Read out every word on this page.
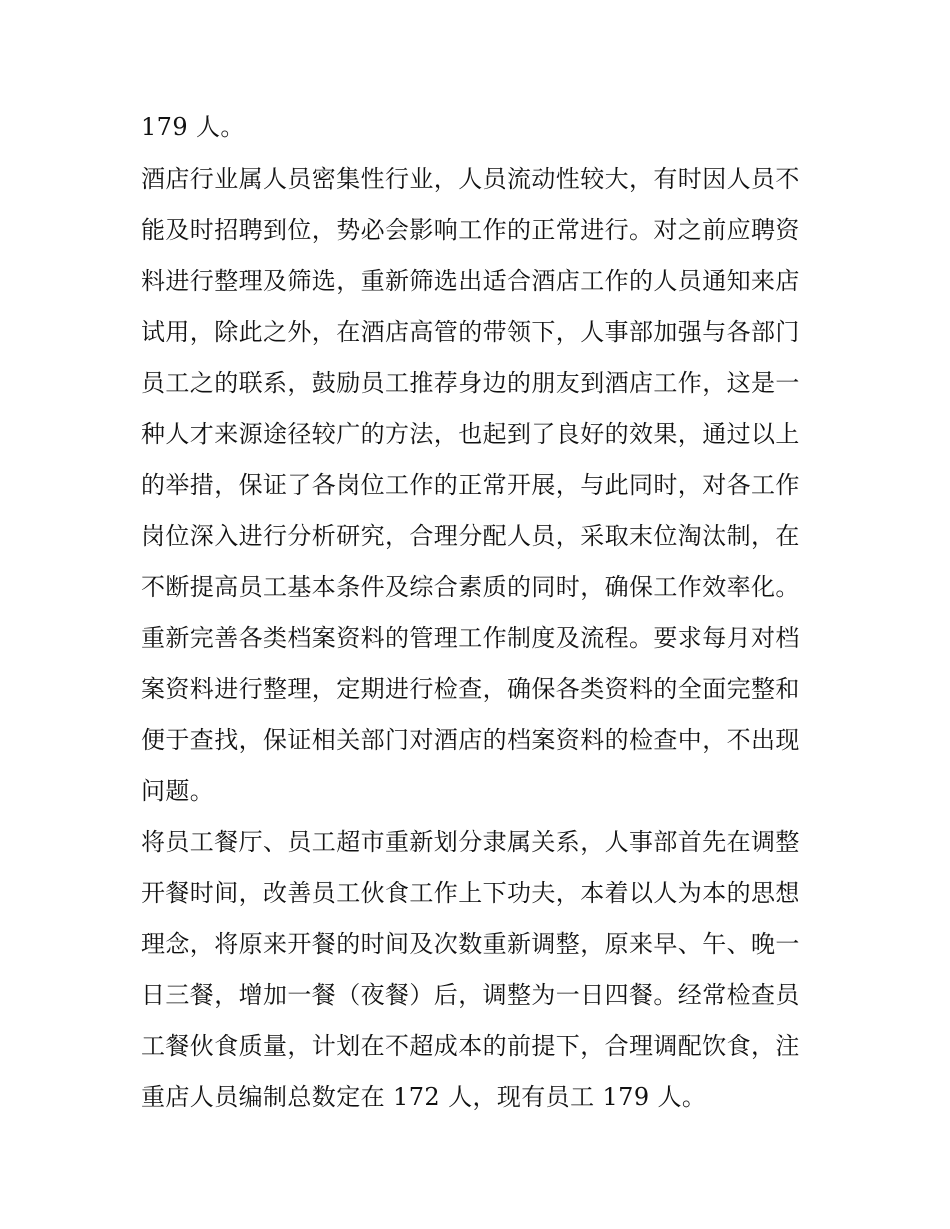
179 人。

酒店行业属人员密集性行业，人员流动性较大，有时因人员不

能及时招聘到位，势必会影响工作的正常进行。对之前应聘资

料进行整理及筛选，重新筛选出适合酒店工作的人员通知来店

试用，除此之外，在酒店高管的带领下，人事部加强与各部门

员工之的联系，鼓励员工推荐身边的朋友到酒店工作，这是一

种人才来源途径较广的方法，也起到了良好的效果，通过以上

的举措，保证了各岗位工作的正常开展，与此同时，对各工作

岗位深入进行分析研究，合理分配人员，采取末位淘汰制，在

不断提高员工基本条件及综合素质的同时，确保工作效率化。

重新完善各类档案资料的管理工作制度及流程。要求每月对档

案资料进行整理，定期进行检查，确保各类资料的全面完整和

便于查找，保证相关部门对酒店的档案资料的检查中，不出现

问题。

将员工餐厅、员工超市重新划分隶属关系，人事部首先在调整

开餐时间，改善员工伙食工作上下功夫，本着以人为本的思想

理念，将原来开餐的时间及次数重新调整，原来早、午、晚一

日三餐，增加一餐（夜餐）后，调整为一日四餐。经常检查员

工餐伙食质量，计划在不超成本的前提下，合理调配饮食，注

重店人员编制总数定在 172 人，现有员工 179 人。
